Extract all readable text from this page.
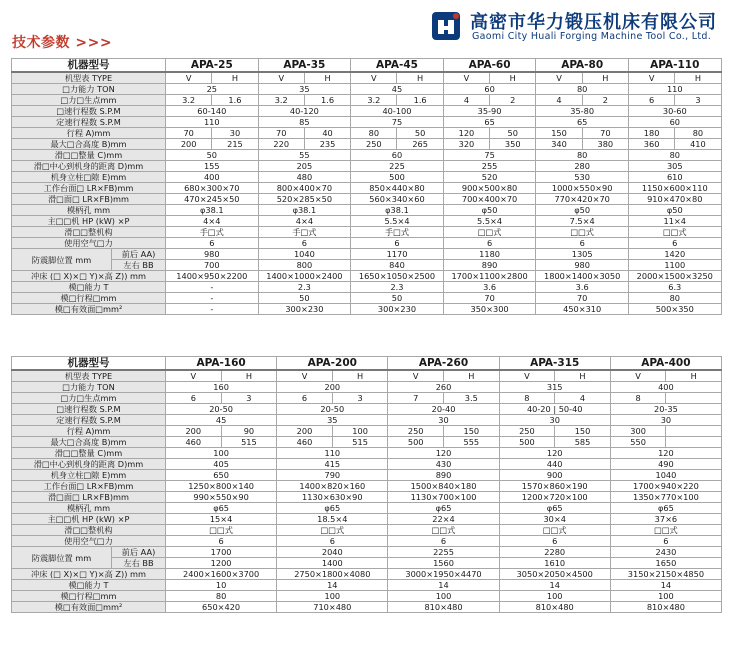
技术参数 >>>
高密市华力锻压机床有限公司
Gaomi City Huali Forging Machine Tool Co., Ltd.
机器型号		APA-25		APA-35		APA-45		APA-60		APA-80		APA-110	
机型表 TYPE		V	H	V	H	V	H	V	H	V	H	V	H
□力能力 TON		25		35		45		60		80		110	
□力□生点mm		3.2	1.6	3.2	1.6	3.2	1.6	4	2	4	2	6	3
□速行程数 S.P.M		60-140		40-120		40-100		35-90		35-80		30-60	
定速行程数 S.P.M		110		85		75		65		65		60	
行程 A)mm		70	30	70	40	80	50	120	50	150	70	180	80
最大□合高度 B)mm		200	215	220	235	250	265	320	350	340	380	360	410
滑□□整量 C)mm		50		55		60		75		80		80	
滑□中心到机身的距离 D)mm		155		205		225		255		280		305	
机身立柱□隙 E)mm		400		480		500		520		530		610	
工作台面□ LR×FB)mm		680×300×70		800×400×70		850×440×80		900×500×80		1000×550×90		1150×600×110	
滑□面□ LR×FB)mm		470×245×50		520×285×50		560×340×60		700×400×70		770×420×70		910×470×80	
模柄孔 mm		φ38.1		φ38.1		φ38.1		φ50		φ50		φ50	
主□□机 HP (kW) ×P		4×4		4×4		5.5×4		5.5×4		7.5×4		11×4	
滑□□整机构		手□式		手□式		手□式		□□式		□□式		□□式	
使用空气□力		6		6		6		6		6		6	
防震脚位置 mm	前后 AA)	980		1040		1170		1180		1305		1420	
	左右 BB	700		800		840		890		980		1100	
冲床 (□ X)×□ Y)×高 Z)) mm		1400×950×2200		1400×1000×2400		1650×1050×2500		1700×1100×2800		1800×1400×3050		2000×1500×3250	
模□能力 T		-		2.3		2.3		3.6		3.6		6.3	
模□行程□mm		-		50		50		70		70		80	
模□有效面□mm²		-		300×230		300×230		350×300		450×310		500×350	
机器型号		APA-160		APA-200		APA-260		APA-315		APA-400	
机型表 TYPE		V	H	V	H	V	H	V	H	V	H
□力能力 TON		160		200		260		315		400	
□力□生点mm		6	3	6	3	7	3.5	8	4	8	
□速行程数 S.P.M		20-50		20-50		20-40		40-20 | 50-40		20-35	
定速行程数 S.P.M		45		35		30		30		30	
行程 A)mm		200	90	200	100	250	150	250	150	300	
最大□合高度 B)mm		460	515	460	515	500	555	500	585	550	
滑□□整量 C)mm		100		110		120		120		120	
滑□中心到机身的距离 D)mm		405		415		430		440		490	
机身立柱□隙 E)mm		650		790		890		900		1040	
工作台面□ LR×FB)mm		1250×800×140		1400×820×160		1500×840×180		1570×860×190		1700×940×220	
滑□面□ LR×FB)mm		990×550×90		1130×630×90		1130×700×100		1200×720×100		1350×770×100	
模柄孔 mm		φ65		φ65		φ65		φ65		φ65	
主□□机 HP (kW) ×P		15×4		18.5×4		22×4		30×4		37×6	
滑□□整机构		□□式		□□式		□□式		□□式		□□式	
使用空气□力		6		6		6		6		6	
防震脚位置 mm	前后 AA)	1700		2040		2255		2280		2430	
	左右 BB	1200		1400		1560		1610		1650	
冲床 (□ X)×□ Y)×高 Z)) mm		2400×1600×3700		2750×1800×4080		3000×1950×4470		3050×2050×4500		3150×2150×4850	
模□能力 T		10		14		14		14		14	
模□行程□mm		80		100		100		100		100	
模□有效面□mm²		650×420		710×480		810×480		810×480		810×480	
